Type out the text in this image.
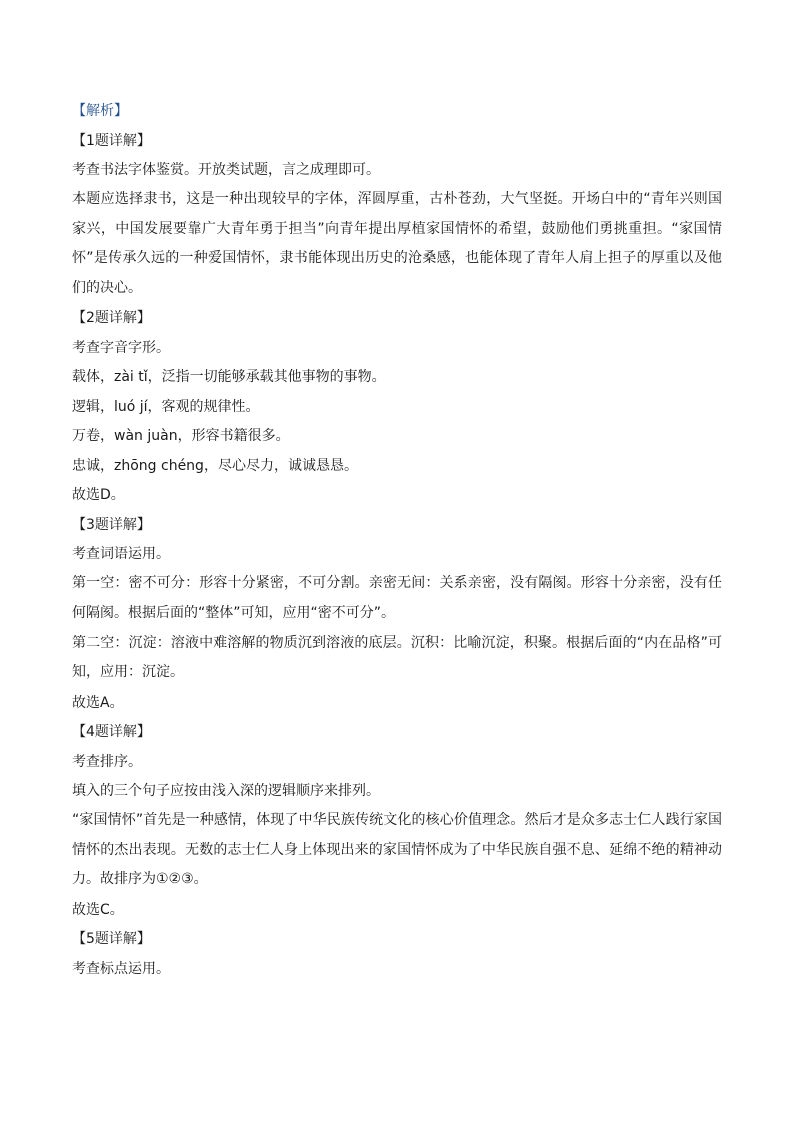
【解析】
【1题详解】
考查书法字体鉴赏。开放类试题，言之成理即可。
本题应选择隶书，这是一种出现较早的字体，浑圆厚重，古朴苍劲，大气坚挺。开场白中的“青年兴则国家兴，中国发展要靠广大青年勇于担当”向青年提出厚植家国情怀的希望，鼓励他们勇挑重担。“家国情怀”是传承久远的一种爱国情怀，隶书能体现出历史的沧桑感，也能体现了青年人肩上担子的厚重以及他们的决心。
【2题详解】
考查字音字形。
载体，zài tǐ，泛指一切能够承载其他事物的事物。
逻辑，luó jí，客观的规律性。
万卷，wàn juàn，形容书籍很多。
忠诚，zhōng chéng，尽心尽力，诚诚恳恳。
故选D。
【3题详解】
考查词语运用。
第一空：密不可分：形容十分紧密，不可分割。亲密无间：关系亲密，没有隔阂。形容十分亲密，没有任何隔阂。根据后面的“整体”可知，应用“密不可分”。
第二空：沉淀：溶液中难溶解的物质沉到溶液的底层。沉积：比喻沉淀，积聚。根据后面的“内在品格”可知，应用：沉淀。
故选A。
【4题详解】
考查排序。
填入的三个句子应按由浅入深的逻辑顺序来排列。
“家国情怀”首先是一种感情，体现了中华民族传统文化的核心价值理念。然后才是众多志士仁人践行家国情怀的杰出表现。无数的志士仁人身上体现出来的家国情怀成为了中华民族自强不息、延绵不绝的精神动力。故排序为①②③。
故选C。
【5题详解】
考查标点运用。
